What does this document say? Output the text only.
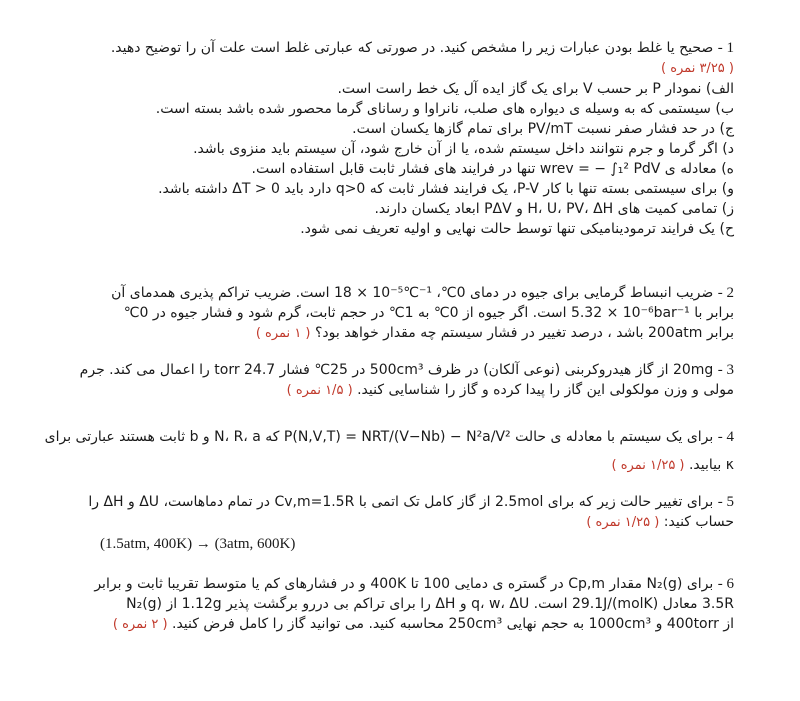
1 - صحیح یا غلط بودن عبارات زیر را مشخص کنید. در صورتی که عبارتی غلط است علت آن را توضیح دهید.
( ۳/۲۵ نمره )
الف) نمودار P بر حسب V برای یک گاز ایده آل یک خط راست است.
ب) سیستمی که به وسیله ی دیواره های صلب، نانراوا و رسانای گرما محصور شده باشد بسته است.
ج) در حد فشار صفر نسبت PV/mT برای تمام گازها یکسان است.
د) اگر گرما و جرم نتوانند داخل سیستم شده، یا از آن خارج شود، آن سیستم باید منزوی باشد.
ه) معادله ی wrev = − ∫₁² PdV تنها در فرایند های فشار ثابت قابل استفاده است.
و) برای سیستمی بسته تنها با کار P-V، یک فرایند فشار ثابت که q>0 دارد باید ΔT > 0 داشته باشد.
ز) تمامی کمیت های H، U، PV، ΔH و PΔV ابعاد یکسان دارند.
ح) یک فرایند ترمودینامیکی تنها توسط حالت نهایی و اولیه تعریف نمی شود.
2 - ضریب انبساط گرمایی برای جیوه در دمای 0℃، ‎18 × 10⁻⁵℃⁻¹‎ است. ضریب تراکم پذیری همدمای آن
برابر با ‎5.32 × 10⁻⁶bar⁻¹‎ است. اگر جیوه از 0℃ به 1℃ در حجم ثابت، گرم شود و فشار جیوه در 0℃
برابر 200atm باشد ، درصد تغییر در فشار سیستم چه مقدار خواهد بود؟ ( ۱ نمره )
3 - 20mg از گاز هیدروکربنی (نوعی آلکان) در ظرف 500cm³ در 25℃ فشار 24.7 torr را اعمال می کند. جرم
مولی و وزن مولکولی این گاز را پیدا کرده و گاز را شناسایی کنید. ( ۱/۵ نمره )
4 - برای یک سیستم با معادله ی حالت ‎P(N,V,T) = NRT/(V−Nb) − N²a/V²‎ که N، R، a و b ثابت هستند عبارتی برای
κ بیابید. ( ۱/۲۵ نمره )
5 - برای تغییر حالت زیر که برای 2.5mol از گاز کامل تک اتمی با Cv,m=1.5R در تمام دماهاست، ΔU و ΔH را
حساب کنید: ( ۱/۲۵ نمره )
(1.5atm, 400K) → (3atm, 600K)
6 - برای N₂(g) مقدار Cp,m در گستره ی دمایی 100 تا 400K و در فشارهای کم یا متوسط تقریبا ثابت و برابر
3.5R معادل 29.1J/(molK) است. q، w، ΔU و ΔH را برای تراکم بی دررو برگشت پذیر 1.12g از N₂(g)
از 400torr و 1000cm³ به حجم نهایی 250cm³ محاسبه کنید. می توانید گاز را کامل فرض کنید. ( ۲ نمره )
